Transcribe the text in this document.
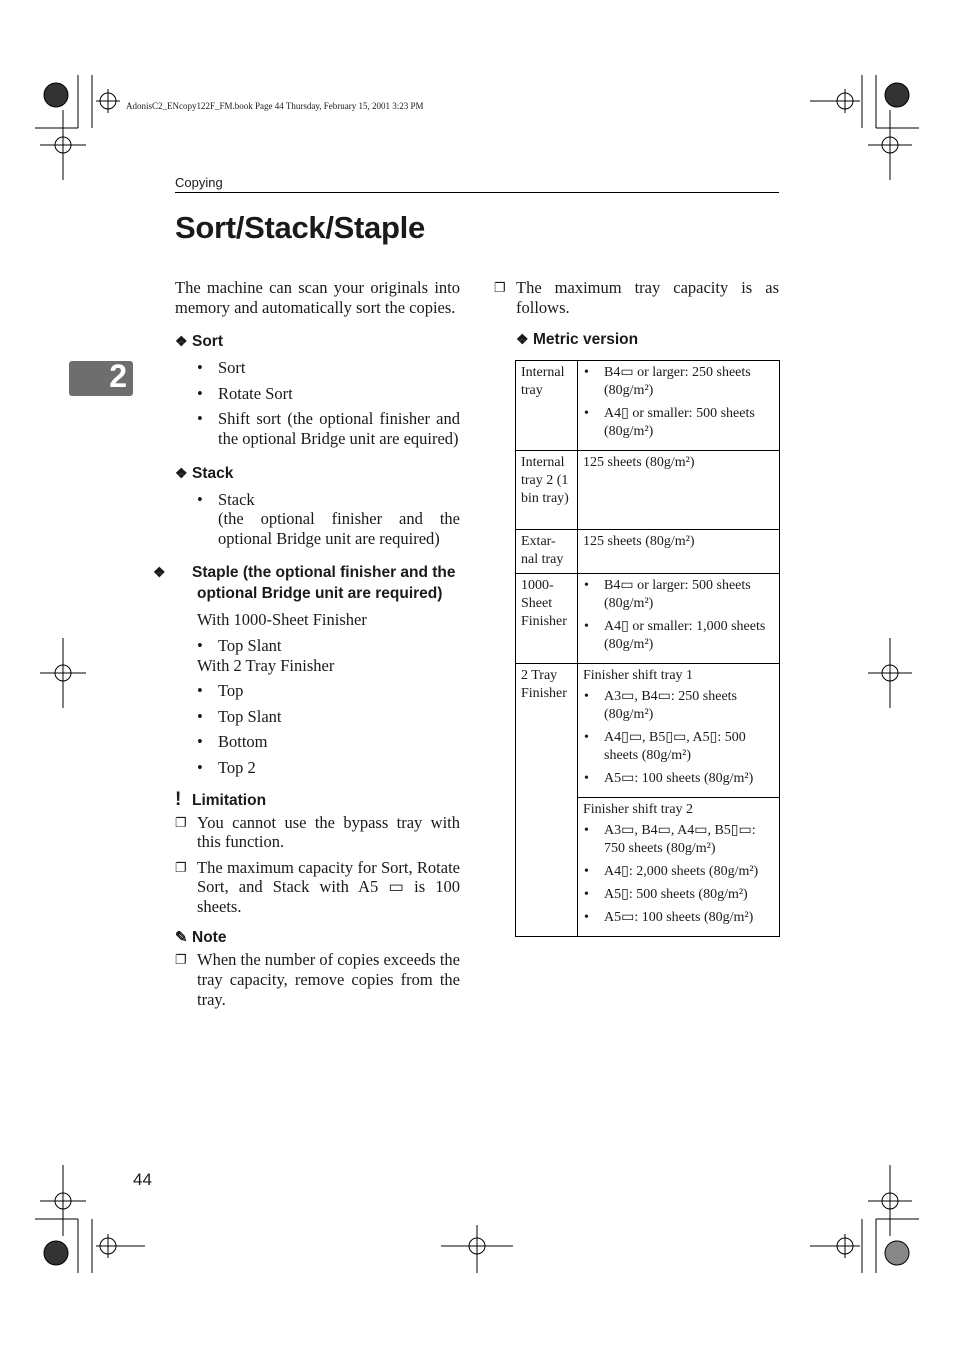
AdonisC2_ENcopy122F_FM.book Page 44 Thursday, February 15, 2001 3:23 PM
Copying
Sort/Stack/Staple
2
The machine can scan your originals into memory and automatically sort the copies.
❖ Sort
• Sort
• Rotate Sort
• Shift sort (the optional finisher and the optional Bridge unit are equired)
❖ Stack
• Stack

(the optional finisher and the optional Bridge unit are required)
❖ Staple (the optional finisher and the optional Bridge unit are required)
With 1000-Sheet Finisher
• Top Slant
With 2 Tray Finisher
• Top
• Top Slant
• Bottom
• Top 2
! Limitation
❐ You cannot use the bypass tray with this function.
❐ The maximum capacity for Sort, Rotate Sort, and Stack with A5 ▭ is 100 sheets.
✎ Note
❐ When the number of copies exceeds the tray capacity, remove copies from the tray.
❐ The maximum tray capacity is as follows.
❖ Metric version
Internal tray	• B4▭ or larger: 250 sheets (80g/m²)
• A4▯ or smaller: 500 sheets (80g/m²)

Internal tray 2 (1 bin tray)	125 sheets (80g/m²)
Extar-nal tray	125 sheets (80g/m²)
1000-Sheet Finisher	• B4▭ or larger: 500 sheets (80g/m²)
• A4▯ or smaller: 1,000 sheets (80g/m²)

2 Tray Finisher	Finisher shift tray 1
• A3▭, B4▭: 250 sheets (80g/m²)
• A4▯▭, B5▯▭, A5▯: 500 sheets (80g/m²)
• A5▭: 100 sheets (80g/m²)

	Finisher shift tray 2
• A3▭, B4▭, A4▭, B5▯▭: 750 sheets (80g/m²)
• A4▯: 2,000 sheets (80g/m²)
• A5▯: 500 sheets (80g/m²)
• A5▭: 100 sheets (80g/m²)
44
